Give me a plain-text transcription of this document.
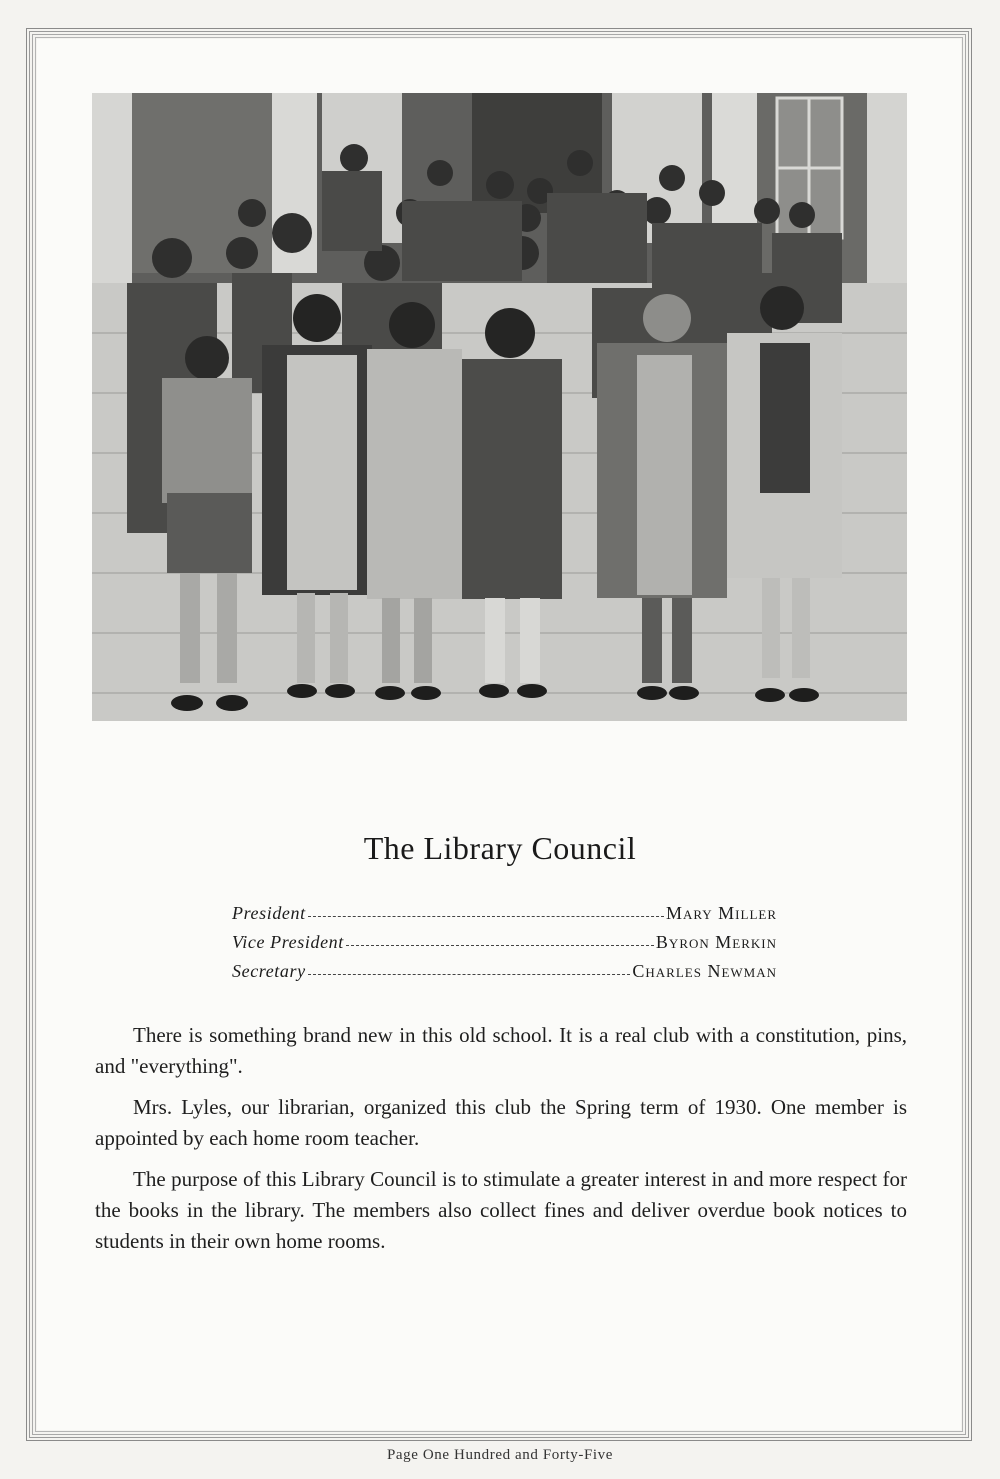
The Library Council
President	Mary Miller
Vice President	Byron Merkin
Secretary	Charles Newman

There is something brand new in this old school. It is a real club with a constitution, pins, and "everything".

Mrs. Lyles, our librarian, organized this club the Spring term of 1930. One member is appointed by each home room teacher.

The purpose of this Library Council is to stimulate a greater interest in and more respect for the books in the library. The members also collect fines and deliver overdue book notices to students in their own home rooms.

Page One Hundred and Forty-Five
